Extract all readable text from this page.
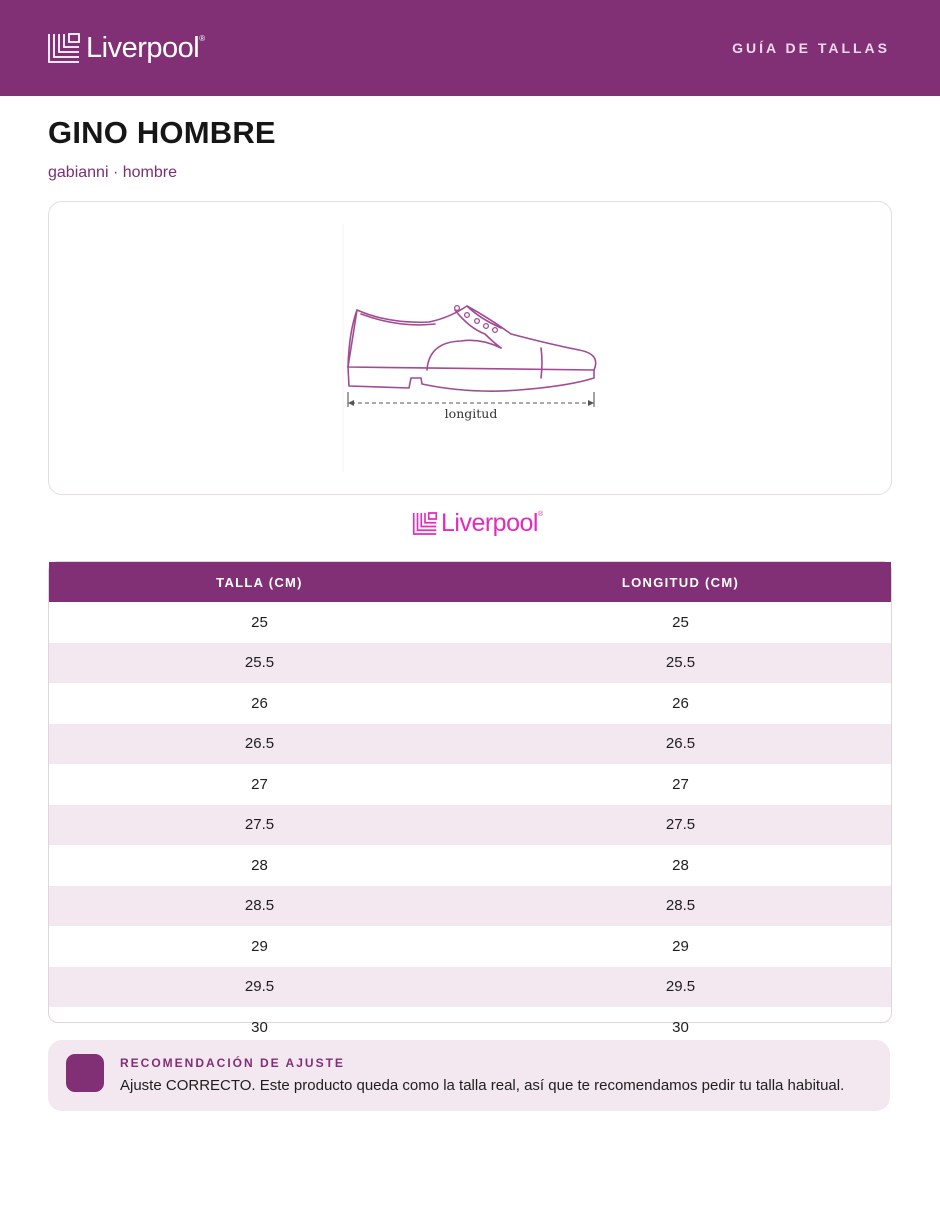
Liverpool ®
GUÍA DE TALLAS
GINO HOMBRE
gabianni · hombre
longitud
Liverpool ®
TALLA (CM)	LONGITUD (CM)
25	25
25.5	25.5
26	26
26.5	26.5
27	27
27.5	27.5
28	28
28.5	28.5
29	29
29.5	29.5
30	30
RECOMENDACIÓN DE AJUSTE
Ajuste CORRECTO. Este producto queda como la talla real, así que te recomendamos pedir tu talla habitual.
